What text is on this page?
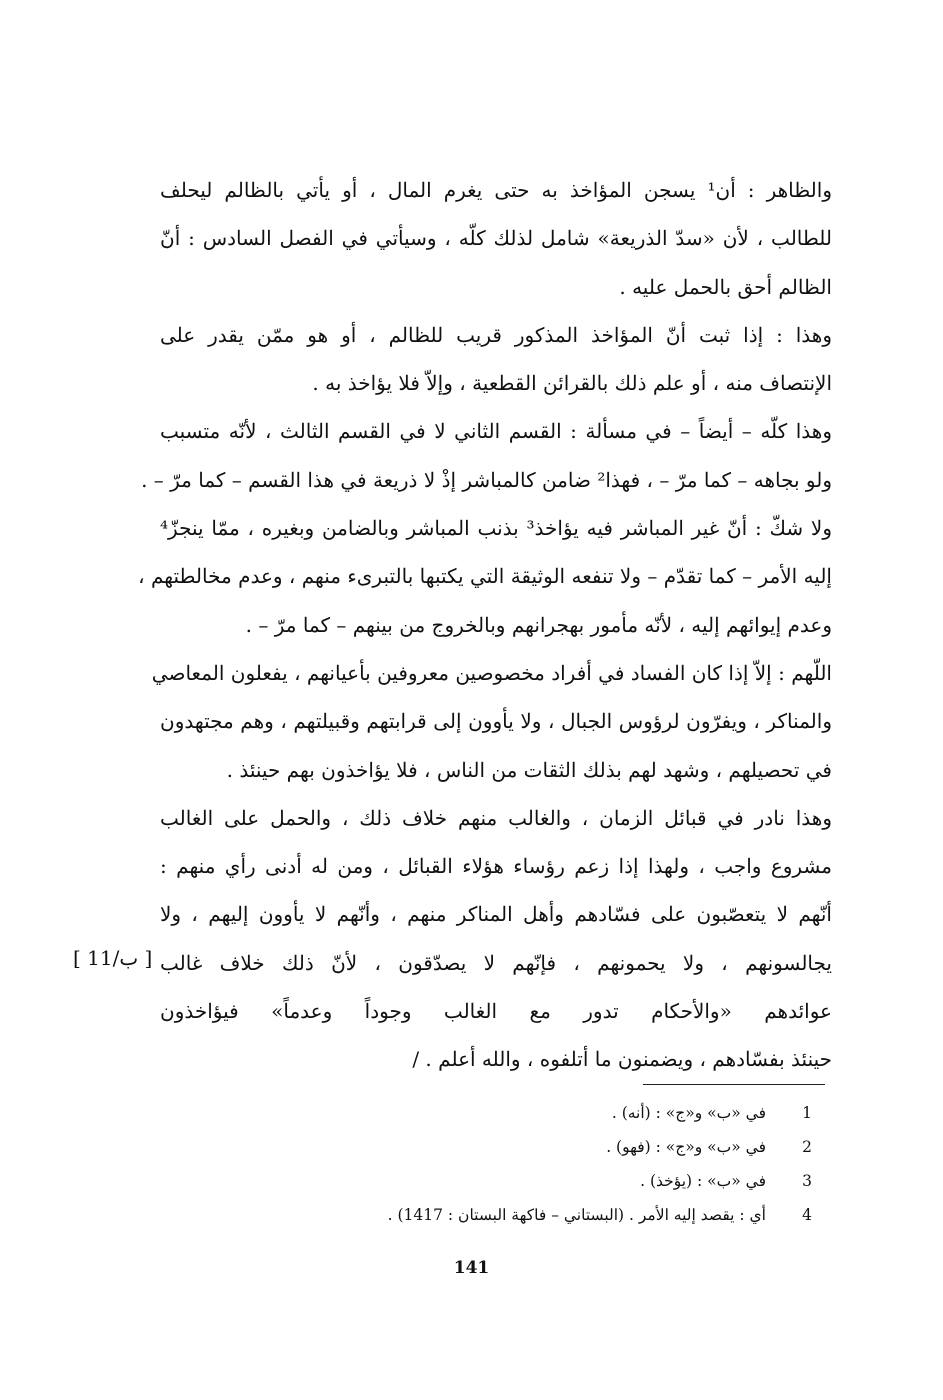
والظاهر : أن¹ يسجن المؤاخذ به حتى يغرم المال ، أو يأتي بالظالم ليحلف
للطالب ، لأن «سدّ الذريعة» شامل لذلك كلّه ، وسيأتي في الفصل السادس : أنّ
الظالم أحق بالحمل عليه .
وهذا : إذا ثبت أنّ المؤاخذ المذكور قريب للظالم ، أو هو ممّن يقدر على
الإنتصاف منه ، أو علم ذلك بالقرائن القطعية ، وإلاّ فلا يؤاخذ به .
وهذا كلّه – أيضاً – في مسألة : القسم الثاني لا في القسم الثالث ، لأنّه متسبب
ولو بجاهه – كما مرّ – ، فهذا² ضامن كالمباشر إذْ لا ذريعة في هذا القسم – كما مرّ – .
ولا شكّ : أنّ غير المباشر فيه يؤاخذ³ بذنب المباشر وبالضامن وبغيره ، ممّا ينجزّ⁴
إليه الأمر – كما تقدّم – ولا تنفعه الوثيقة التي يكتبها بالتبرىء منهم ، وعدم مخالطتهم ،
وعدم إيوائهم إليه ، لأنّه مأمور بهجرانهم وبالخروج من بينهم – كما مرّ – .
اللّهم : إلاّ إذا كان الفساد في أفراد مخصوصين معروفين بأعيانهم ، يفعلون المعاصي
والمناكر ، ويفرّون لرؤوس الجبال ، ولا يأوون إلى قرابتهم وقبيلتهم ، وهم مجتهدون
في تحصيلهم ، وشهد لهم بذلك الثقات من الناس ، فلا يؤاخذون بهم حينئذ .
وهذا نادر في قبائل الزمان ، والغالب منهم خلاف ذلك ، والحمل على الغالب
مشروع واجب ، ولهذا إذا زعم رؤساء هؤلاء القبائل ، ومن له أدنى رأي منهم :
أنّهم لا يتعصّبون على فسّادهم وأهل المناكر منهم ، وأنّهم لا يأوون إليهم ، ولا
يجالسونهم ، ولا يحمونهم ، فإنّهم لا يصدّقون ، لأنّ ذلك خلاف غالب
عوائدهم «والأحكام تدور مع الغالب وجوداً وعدماً» فيؤاخذون
حينئذ بفسّادهم ، ويضمنون ما أتلفوه ، والله أعلم . /
[ 11/ب ]
1
في «ب» و«ج» : (أنه) .
2
في «ب» و«ج» : (فهو) .
3
في «ب» : (يؤخذ) .
4
أي : يقصد إليه الأمر . (البستاني – فاكهة البستان : 1417) .
141
